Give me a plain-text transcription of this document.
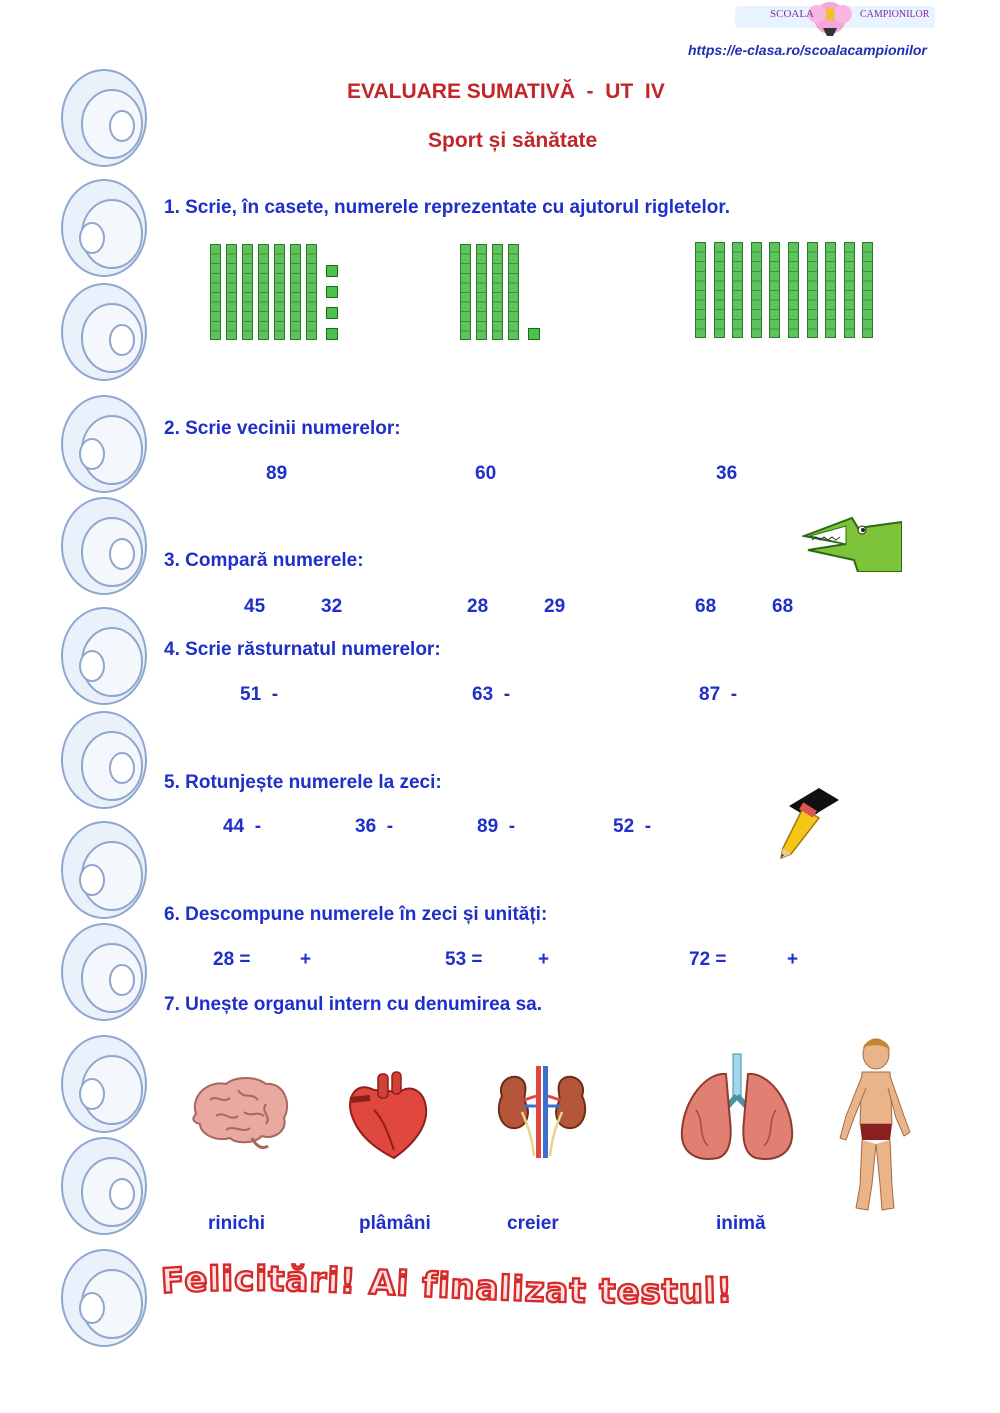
SCOALA	CAMPIONILOR
https://e-clasa.ro/scoalacampionilor
EVALUARE SUMATIVĂ  -  UT  IV
Sport și sănătate
1. Scrie, în casete, numerele reprezentate cu ajutorul rigletelor.
2. Scrie vecinii numerelor:
89	60	36
3. Compară numerele:
45	32	28	29	68	68
4. Scrie răsturnatul numerelor:
51  -	63  -	87  -
5. Rotunjește numerele la zeci:
44  -	36  -	89  -	52  -
6. Descompune numerele în zeci și unități:
28 =	+	53 =	+	72 =	+
7. Unește organul intern cu denumirea sa.
rinichi	plâmâni	creier	inimă
Felicitări! Ai finalizat testul!
